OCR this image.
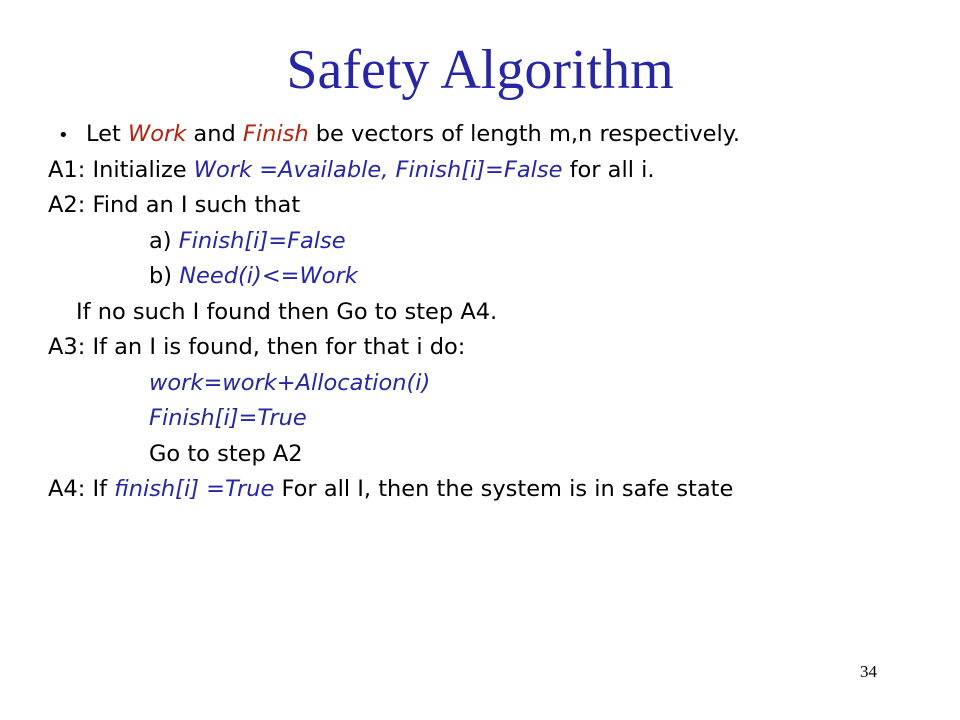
Safety Algorithm
• Let Work and Finish be vectors of length m,n respectively.
A1: Initialize Work =Available, Finish[i]=False for all i.
A2: Find an I such that
a) Finish[i]=False
b) Need(i)<=Work
If no such I found then Go to step A4.
A3: If an I is found, then for that i do:
work=work+Allocation(i)
Finish[i]=True
Go to step A2
A4: If finish[i] =True For all I, then the system is in safe state
34
